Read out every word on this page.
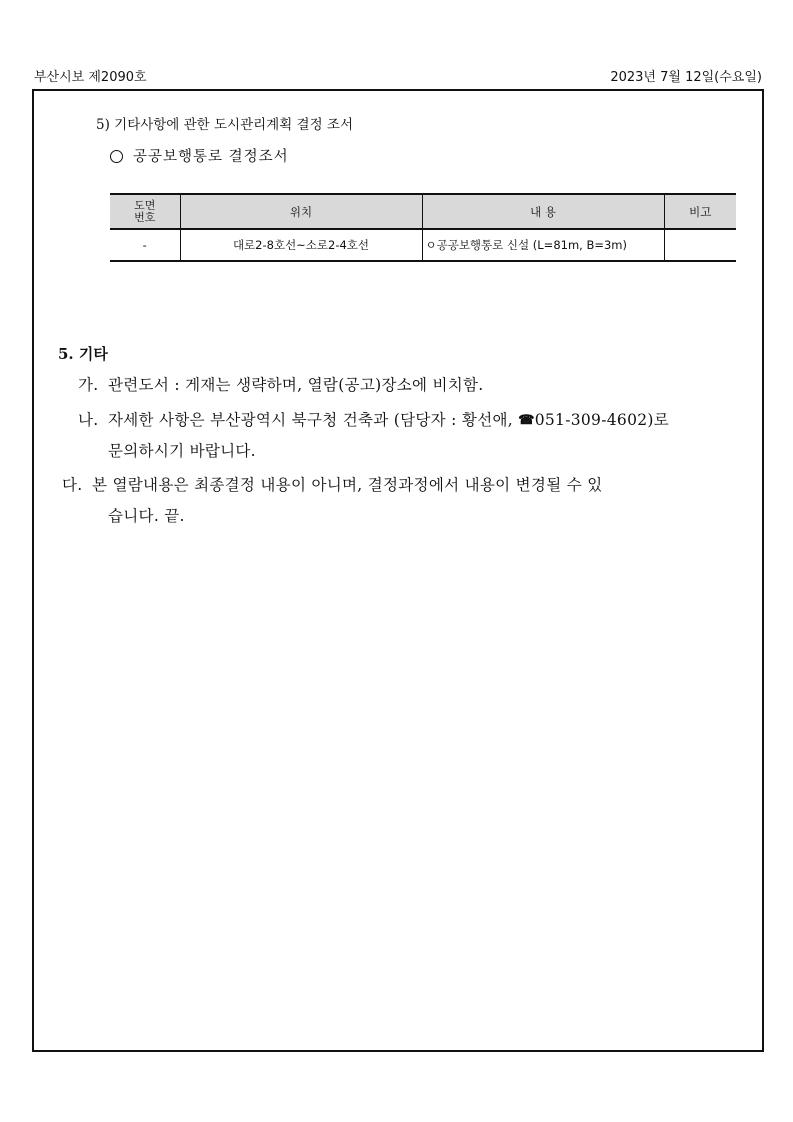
부산시보 제2090호	2023년 7월 12일(수요일)
5) 기타사항에 관한 도시관리계획 결정 조서
공공보행통로 결정조서
도면
번호	위치	내 용	비고
-	대로2-8호선~소로2-4호선	ㅇ공공보행통로 신설 (L=81m, B=3m)	
5. 기타
가. 관련도서 : 게재는 생략하며, 열람(공고)장소에 비치함.
나. 자세한 사항은 부산광역시 북구청 건축과 (담당자 : 황선애, ☎051-309-4602)로
문의하시기 바랍니다.
다. 본 열람내용은 최종결정 내용이 아니며, 결정과정에서 내용이 변경될 수 있
습니다. 끝.
